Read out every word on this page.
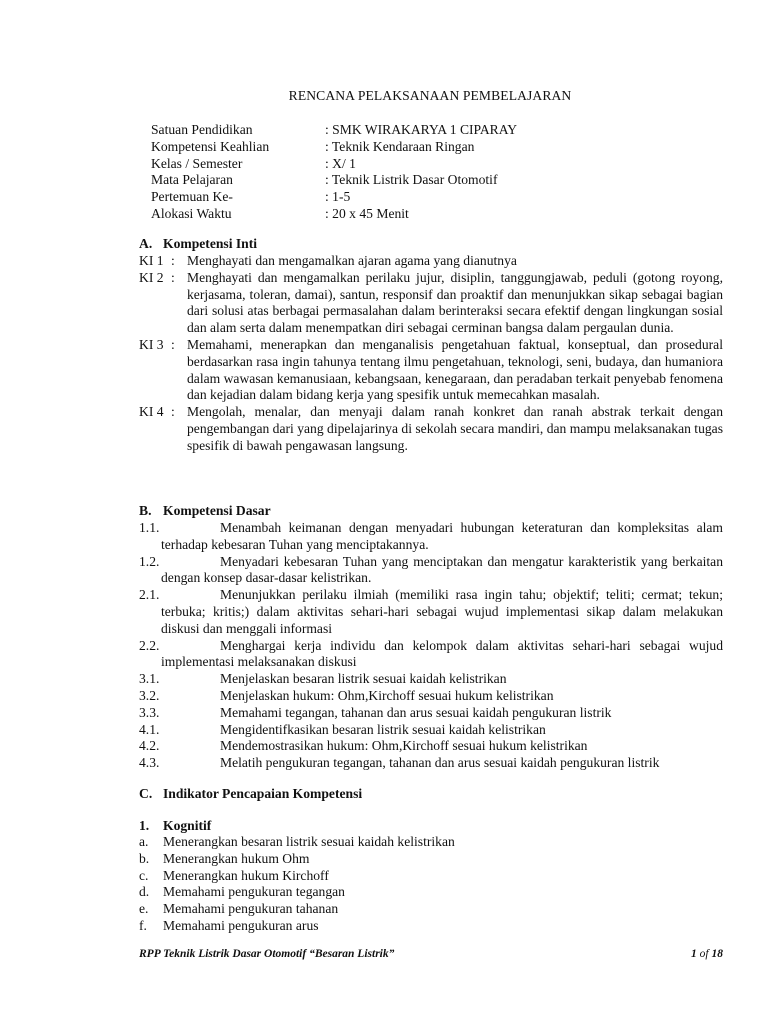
RENCANA PELAKSANAAN PEMBELAJARAN
Satuan Pendidikan	: SMK WIRAKARYA 1 CIPARAY
Kompetensi Keahlian	: Teknik Kendaraan Ringan
Kelas / Semester	: X/ 1
Mata Pelajaran	: Teknik Listrik Dasar Otomotif
Pertemuan Ke-	: 1-5
Alokasi Waktu	: 20 x 45 Menit
A. Kompetensi Inti
KI 1 : Menghayati dan mengamalkan ajaran agama yang dianutnya
KI 2 : Menghayati dan mengamalkan perilaku jujur, disiplin, tanggungjawab, peduli (gotong royong, kerjasama, toleran, damai), santun, responsif dan proaktif dan menunjukkan sikap sebagai bagian dari solusi atas berbagai permasalahan dalam berinteraksi secara efektif dengan lingkungan sosial dan alam serta dalam menempatkan diri sebagai cerminan bangsa dalam pergaulan dunia.
KI 3 : Memahami, menerapkan dan menganalisis pengetahuan faktual, konseptual, dan prosedural berdasarkan rasa ingin tahunya tentang ilmu pengetahuan, teknologi, seni, budaya, dan humaniora dalam wawasan kemanusiaan, kebangsaan, kenegaraan, dan peradaban terkait penyebab fenomena dan kejadian dalam bidang kerja yang spesifik untuk memecahkan masalah.
KI 4 : Mengolah, menalar, dan menyaji dalam ranah konkret dan ranah abstrak terkait dengan pengembangan dari yang dipelajarinya di sekolah secara mandiri, dan mampu melaksanakan tugas spesifik di bawah pengawasan langsung.
B. Kompetensi Dasar
1.1.	Menambah keimanan dengan menyadari hubungan keteraturan dan kompleksitas alam terhadap kebesaran Tuhan yang menciptakannya.
1.2.	Menyadari kebesaran Tuhan yang menciptakan dan mengatur karakteristik yang berkaitan dengan konsep dasar-dasar kelistrikan.
2.1.	Menunjukkan perilaku ilmiah (memiliki rasa ingin tahu; objektif; teliti; cermat; tekun; terbuka; kritis;) dalam aktivitas sehari-hari sebagai wujud implementasi sikap dalam melakukan diskusi dan menggali informasi
2.2.	Menghargai kerja individu dan kelompok dalam aktivitas sehari-hari sebagai wujud implementasi melaksanakan diskusi
3.1.	Menjelaskan besaran listrik sesuai kaidah kelistrikan
3.2.	Menjelaskan hukum: Ohm,Kirchoff sesuai hukum kelistrikan
3.3.	Memahami tegangan, tahanan dan arus sesuai kaidah pengukuran listrik
4.1.	Mengidentifkasikan besaran listrik sesuai kaidah kelistrikan
4.2.	Mendemostrasikan hukum: Ohm,Kirchoff sesuai hukum kelistrikan
4.3.	Melatih pengukuran tegangan, tahanan dan arus sesuai kaidah pengukuran listrik
C. Indikator Pencapaian Kompetensi
1. Kognitif
a. Menerangkan besaran listrik sesuai kaidah kelistrikan
b. Menerangkan hukum Ohm
c. Menerangkan hukum Kirchoff
d. Memahami pengukuran tegangan
e. Memahami pengukuran tahanan
f. Memahami pengukuran arus
RPP Teknik Listrik Dasar Otomotif “Besaran Listrik”	1 of 18
